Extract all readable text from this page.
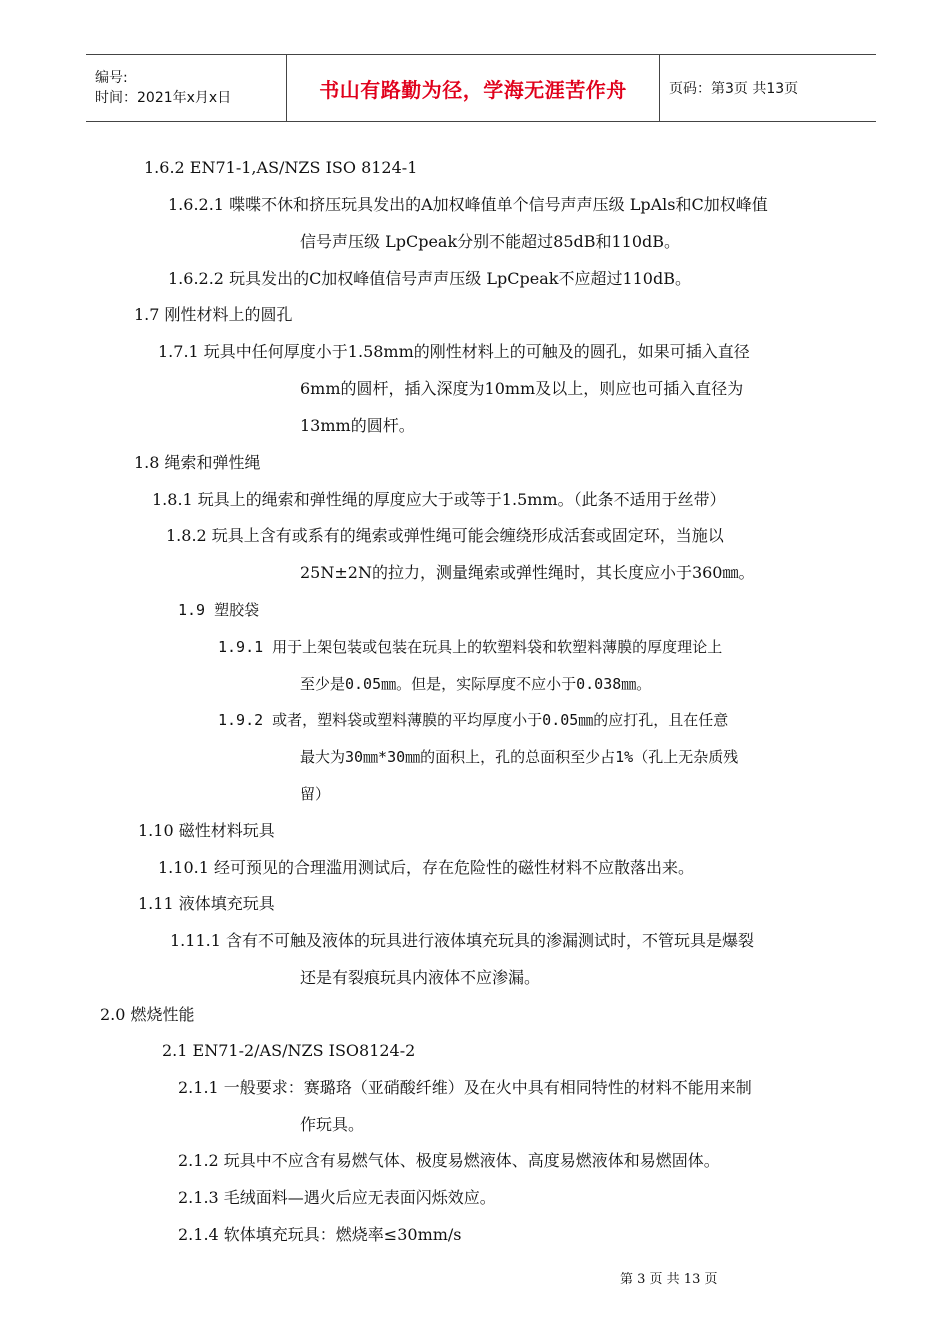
编号:
时间：2021年x月x日	书山有路勤为径，学海无涯苦作舟	页码：第3页 共13页
1.6.2 EN71-1,AS/NZS ISO 8124-1
1.6.2.1 喋喋不休和挤压玩具发出的A加权峰值单个信号声声压级 LpAls和C加权峰值
信号声压级 LpCpeak分别不能超过85dB和110dB。
1.6.2.2 玩具发出的C加权峰值信号声声压级 LpCpeak不应超过110dB。
1.7 刚性材料上的圆孔
1.7.1 玩具中任何厚度小于1.58mm的刚性材料上的可触及的圆孔，如果可插入直径
6mm的圆杆，插入深度为10mm及以上，则应也可插入直径为
13mm的圆杆。
1.8 绳索和弹性绳
1.8.1 玩具上的绳索和弹性绳的厚度应大于或等于1.5mm。（此条不适用于丝带）
1.8.2 玩具上含有或系有的绳索或弹性绳可能会缠绕形成活套或固定环，当施以
25N±2N的拉力，测量绳索或弹性绳时，其长度应小于360㎜。
1.9 塑胶袋
1.9.1 用于上架包装或包装在玩具上的软塑料袋和软塑料薄膜的厚度理论上
至少是0.05㎜。但是，实际厚度不应小于0.038㎜。
1.9.2 或者，塑料袋或塑料薄膜的平均厚度小于0.05㎜的应打孔，且在任意
最大为30㎜*30㎜的面积上，孔的总面积至少占1%（孔上无杂质残
留）
1.10 磁性材料玩具
1.10.1 经可预见的合理滥用测试后，存在危险性的磁性材料不应散落出来。
1.11 液体填充玩具
1.11.1 含有不可触及液体的玩具进行液体填充玩具的渗漏测试时，不管玩具是爆裂
还是有裂痕玩具内液体不应渗漏。
2.0 燃烧性能
2.1 EN71-2/AS/NZS ISO8124-2
2.1.1 一般要求：赛璐珞（亚硝酸纤维）及在火中具有相同特性的材料不能用来制
作玩具。
2.1.2 玩具中不应含有易燃气体、极度易燃液体、高度易燃液体和易燃固体。
2.1.3 毛绒面料—遇火后应无表面闪烁效应。
2.1.4 软体填充玩具：燃烧率≤30mm/s
第 3 页 共 13 页
